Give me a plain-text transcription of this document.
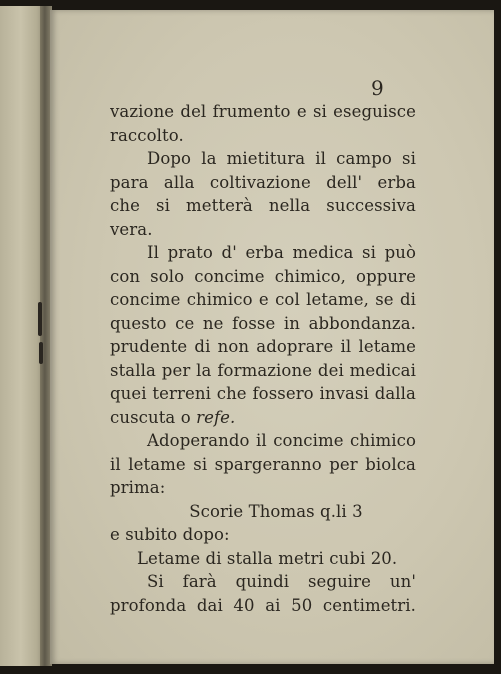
9

vazione del frumento e si eseguisce

raccolto.

Dopo la mietitura il campo si

para alla coltivazione dell' erba

che si metterà nella successiva

vera.

Il prato d' erba medica si può

con solo concime chimico, oppure

concime chimico e col letame, se di

questo ce ne fosse in abbondanza.

prudente di non adoprare il letame

stalla per la formazione dei medicai

quei terreni che fossero invasi dalla

cuscuta o refe.

Adoperando il concime chimico

il letame si spargeranno per biolca

prima:

Scorie Thomas q.li 3

e subito dopo:

Letame di stalla metri cubi 20.

Si farà quindi seguire un'

profonda dai 40 ai 50 centimetri.
